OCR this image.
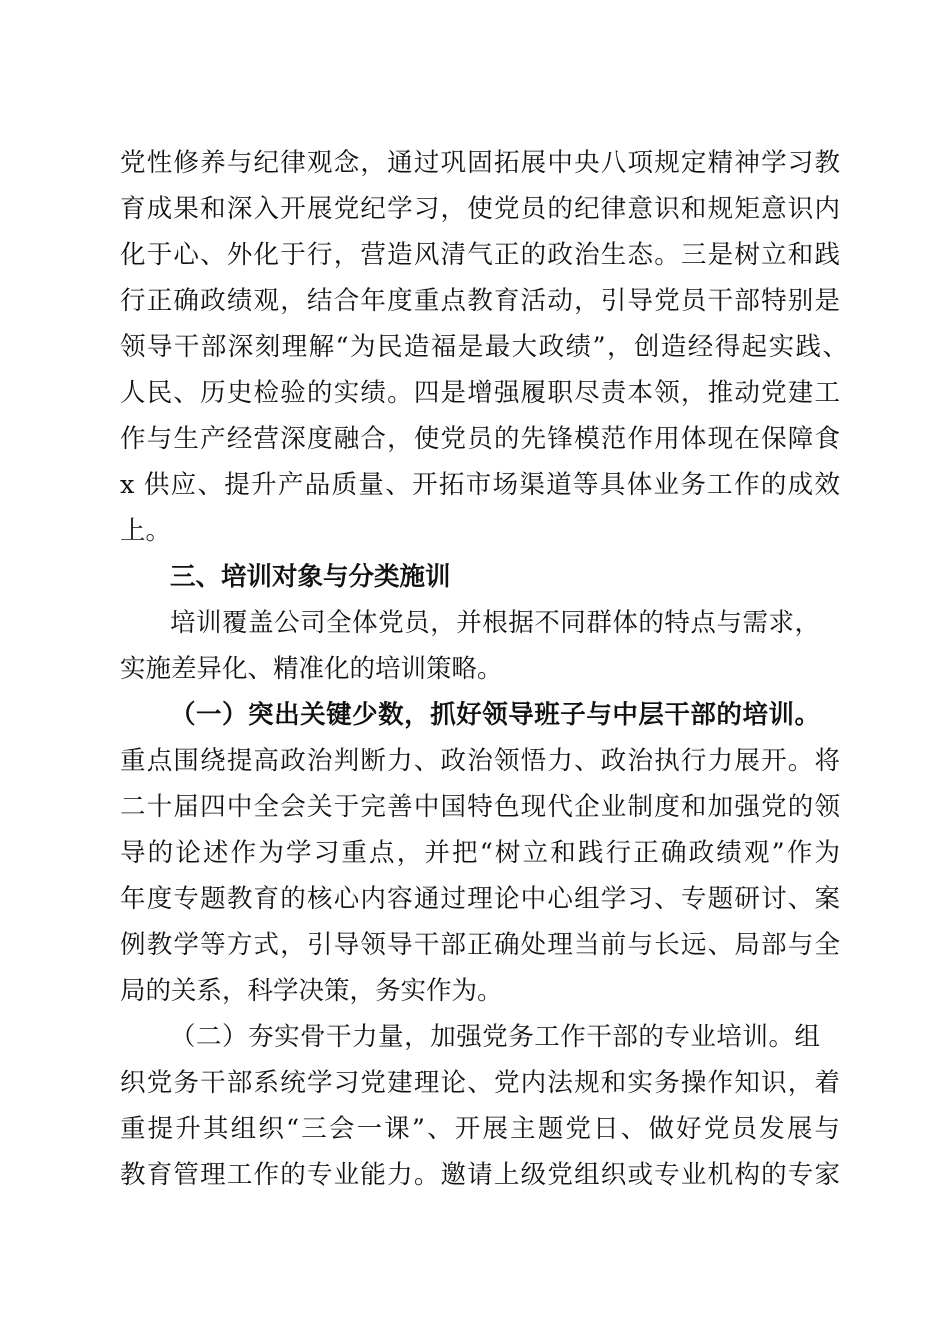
党性修养与纪律观念，通过巩固拓展中央八项规定精神学习教
育成果和深入开展党纪学习，使党员的纪律意识和规矩意识内
化于心、外化于行，营造风清气正的政治生态。三是树立和践
行正确政绩观，结合年度重点教育活动，引导党员干部特别是
领导干部深刻理解“为民造福是最大政绩”，创造经得起实践、
人民、历史检验的实绩。四是增强履职尽责本领，推动党建工
作与生产经营深度融合，使党员的先锋模范作用体现在保障食
x 供应、提升产品质量、开拓市场渠道等具体业务工作的成效
上。
三、培训对象与分类施训
培训覆盖公司全体党员，并根据不同群体的特点与需求，
实施差异化、精准化的培训策略。
（一）突出关键少数，抓好领导班子与中层干部的培训。
重点围绕提高政治判断力、政治领悟力、政治执行力展开。将
二十届四中全会关于完善中国特色现代企业制度和加强党的领
导的论述作为学习重点，并把“树立和践行正确政绩观”作为
年度专题教育的核心内容通过理论中心组学习、专题研讨、案
例教学等方式，引导领导干部正确处理当前与长远、局部与全
局的关系，科学决策，务实作为。
（二）夯实骨干力量，加强党务工作干部的专业培训。组
织党务干部系统学习党建理论、党内法规和实务操作知识，着
重提升其组织“三会一课”、开展主题党日、做好党员发展与
教育管理工作的专业能力。邀请上级党组织或专业机构的专家
